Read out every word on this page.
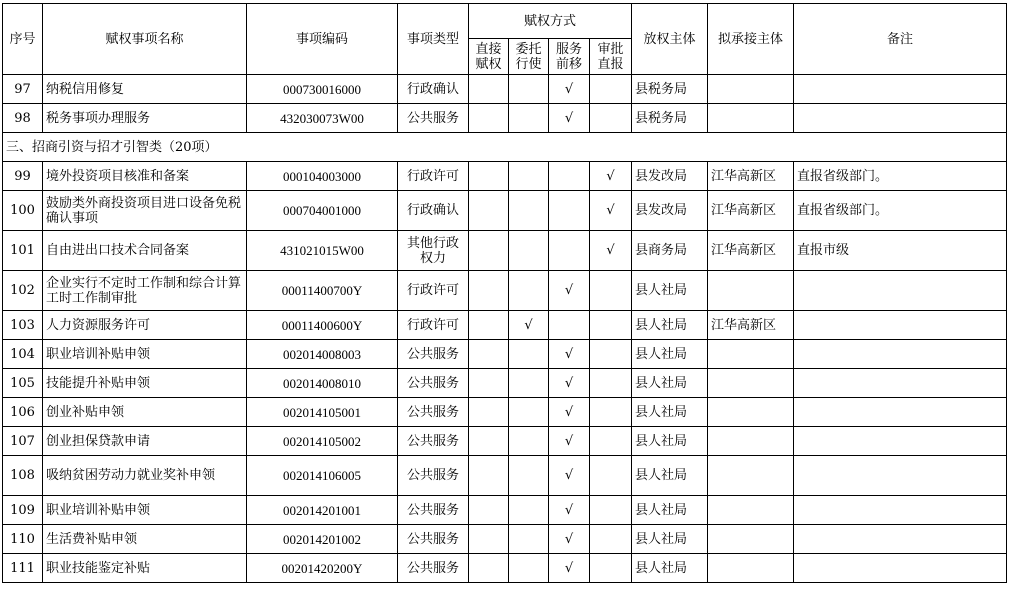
序号	赋权事项名称	事项编码	事项类型	赋权方式				放权主体	拟承接主体	备注
				直接赋权	委托行使	服务前移	审批直报			
97	纳税信用修复	000730016000	行政确认			√		县税务局		
98	税务事项办理服务	432030073W00	公共服务			√		县税务局		
三、招商引资与招才引智类（20项）										
99	境外投资项目核准和备案	000104003000	行政许可				√	县发改局	江华高新区	直报省级部门。
100	鼓励类外商投资项目进口设备免税确认事项	000704001000	行政确认				√	县发改局	江华高新区	直报省级部门。
101	自由进出口技术合同备案	431021015W00	其他行政权力				√	县商务局	江华高新区	直报市级
102	企业实行不定时工作制和综合计算工时工作制审批	00011400700Y	行政许可			√		县人社局		
103	人力资源服务许可	00011400600Y	行政许可		√			县人社局	江华高新区	
104	职业培训补贴申领	002014008003	公共服务			√		县人社局		
105	技能提升补贴申领	002014008010	公共服务			√		县人社局		
106	创业补贴申领	002014105001	公共服务			√		县人社局		
107	创业担保贷款申请	002014105002	公共服务			√		县人社局		
108	吸纳贫困劳动力就业奖补申领	002014106005	公共服务			√		县人社局		
109	职业培训补贴申领	002014201001	公共服务			√		县人社局		
110	生活费补贴申领	002014201002	公共服务			√		县人社局		
111	职业技能鉴定补贴	00201420200Y	公共服务			√		县人社局		
